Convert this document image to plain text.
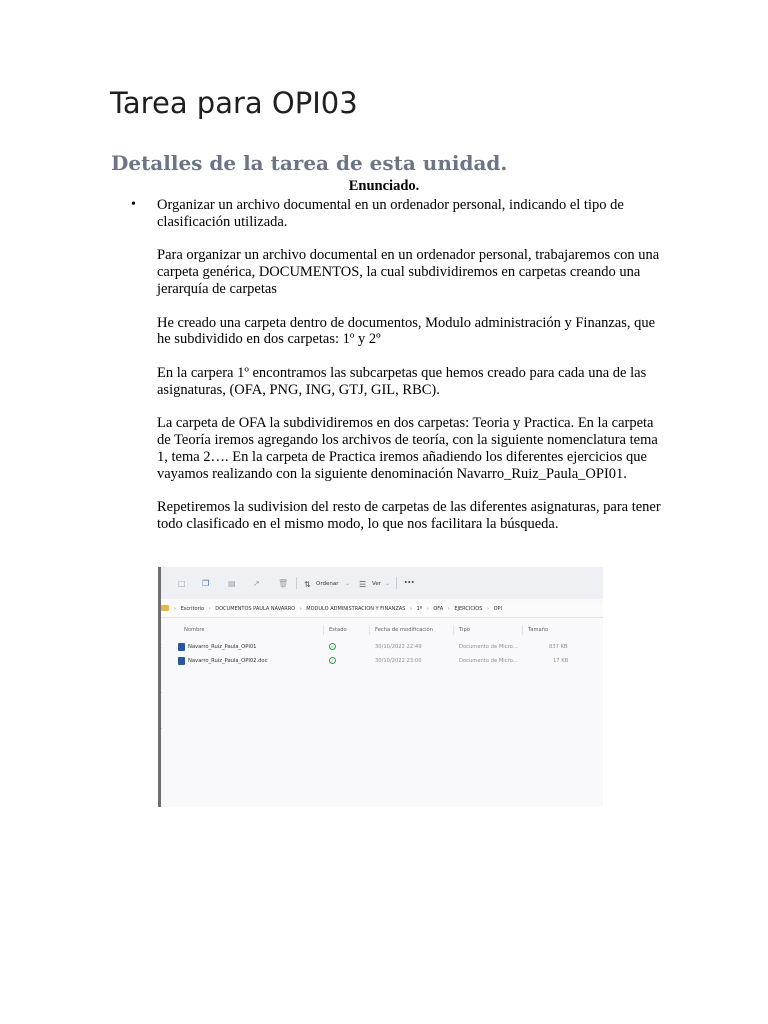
Tarea para OPI03
Detalles de la tarea de esta unidad.

Enunciado.

• Organizar un archivo documental en un ordenador personal, indicando el tipo de clasificación utilizada.

Para organizar un archivo documental en un ordenador personal, trabajaremos con una carpeta genérica, DOCUMENTOS, la cual subdividiremos en carpetas creando una jerarquía de carpetas

He creado una carpeta dentro de documentos, Modulo administración y Finanzas, que he subdividido en dos carpetas: 1º y 2º

En la carpera 1º encontramos las subcarpetas que hemos creado para cada una de las asignaturas, (OFA, PNG, ING, GTJ, GIL, RBC).

La carpeta de OFA la subdividiremos en dos carpetas: Teoria y Practica. En la carpeta de Teoría iremos agregando los archivos de teoría, con la siguiente nomenclatura tema 1, tema 2…. En la carpeta de Practica iremos añadiendo los diferentes ejercicios que vayamos realizando con la siguiente denominación Navarro_Ruiz_Paula_OPI01.

Repetiremos la sudivision del resto de carpetas de las diferentes asignaturas, para tener todo clasificado en el mismo modo, lo que nos facilitara la búsqueda.

□ ❐ ▤ ↗ 🗑 ⇅ Ordenar ⌄ ☰ Ver ⌄	•••
› Escritorio › DOCUMENTOS PAULA NAVARRO › MODULO ADMINISTRACION Y FINANZAS › 1º › OFA › EJERCICIOS › OPI
Nombre	Estado	Fecha de modificación	Tipo	Tamaño
Navarro_Ruiz_Paula_OPI01	✓	30/10/2022 22:49	Documento de Micro...	837 KB
Navarro_Ruiz_Paula_OPI02.doc	✓	30/10/2022 23:00	Documento de Micro...	17 KB
